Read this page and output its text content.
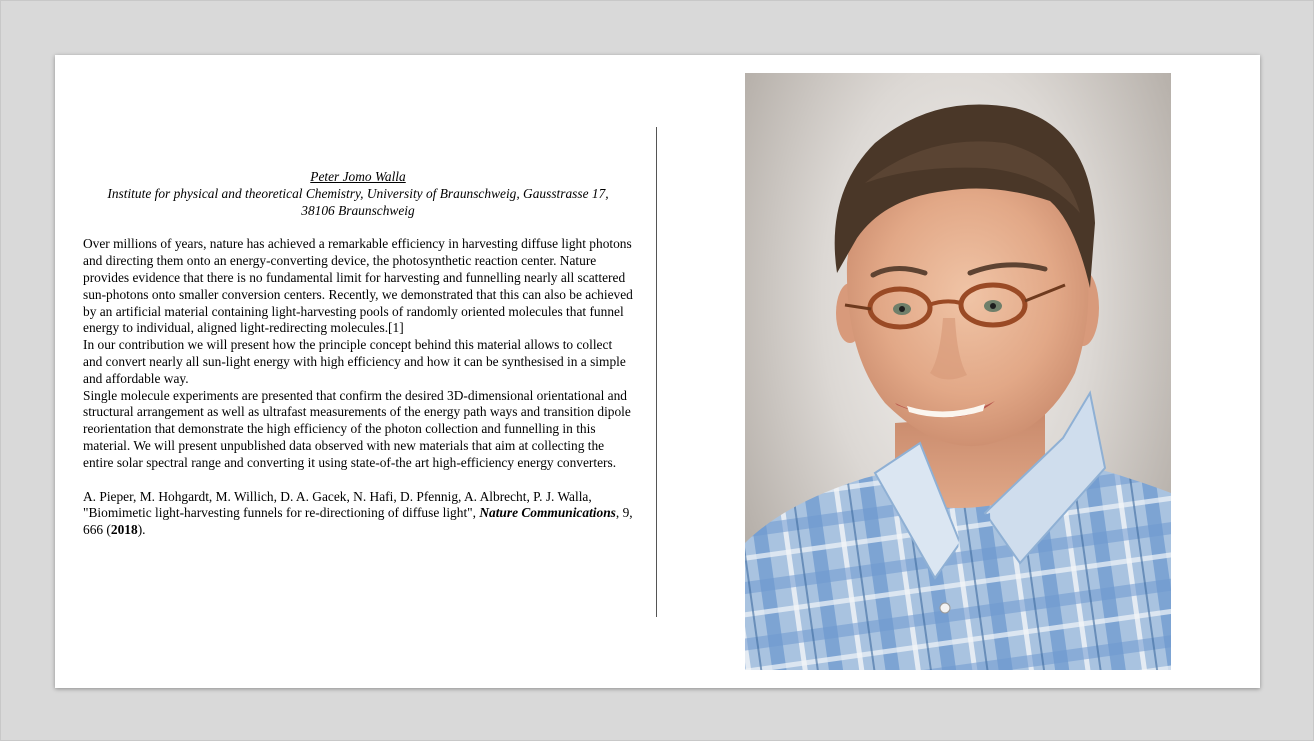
Peter Jomo Walla
Institute for physical and theoretical Chemistry, University of Braunschweig, Gausstrasse 17,
38106 Braunschweig

Over millions of years, nature has achieved a remarkable efficiency in harvesting diffuse light photons and directing them onto an energy-converting device, the photosynthetic reaction center. Nature provides evidence that there is no fundamental limit for harvesting and funnelling nearly all scattered sun-photons onto smaller conversion centers. Recently, we demonstrated that this can also be achieved by an artificial material containing light-harvesting pools of randomly oriented molecules that funnel energy to individual, aligned light-redirecting molecules.[1]

In our contribution we will present how the principle concept behind this material allows to collect and convert nearly all sun-light energy with high efficiency and how it can be synthesised in a simple and affordable way.

Single molecule experiments are presented that confirm the desired 3D-dimensional orientational and structural arrangement as well as ultrafast measurements of the energy path ways and transition dipole reorientation that demonstrate the high efficiency of the photon collection and funnelling in this material. We will present unpublished data observed with new materials that aim at collecting the entire solar spectral range and converting it using state-of-the art high-efficiency energy converters.

A. Pieper, M. Hohgardt, M. Willich, D. A. Gacek, N. Hafi, D. Pfennig, A. Albrecht, P. J. Walla, "Biomimetic light-harvesting funnels for re-directioning of diffuse light", Nature Communications, 9, 666 (2018).
